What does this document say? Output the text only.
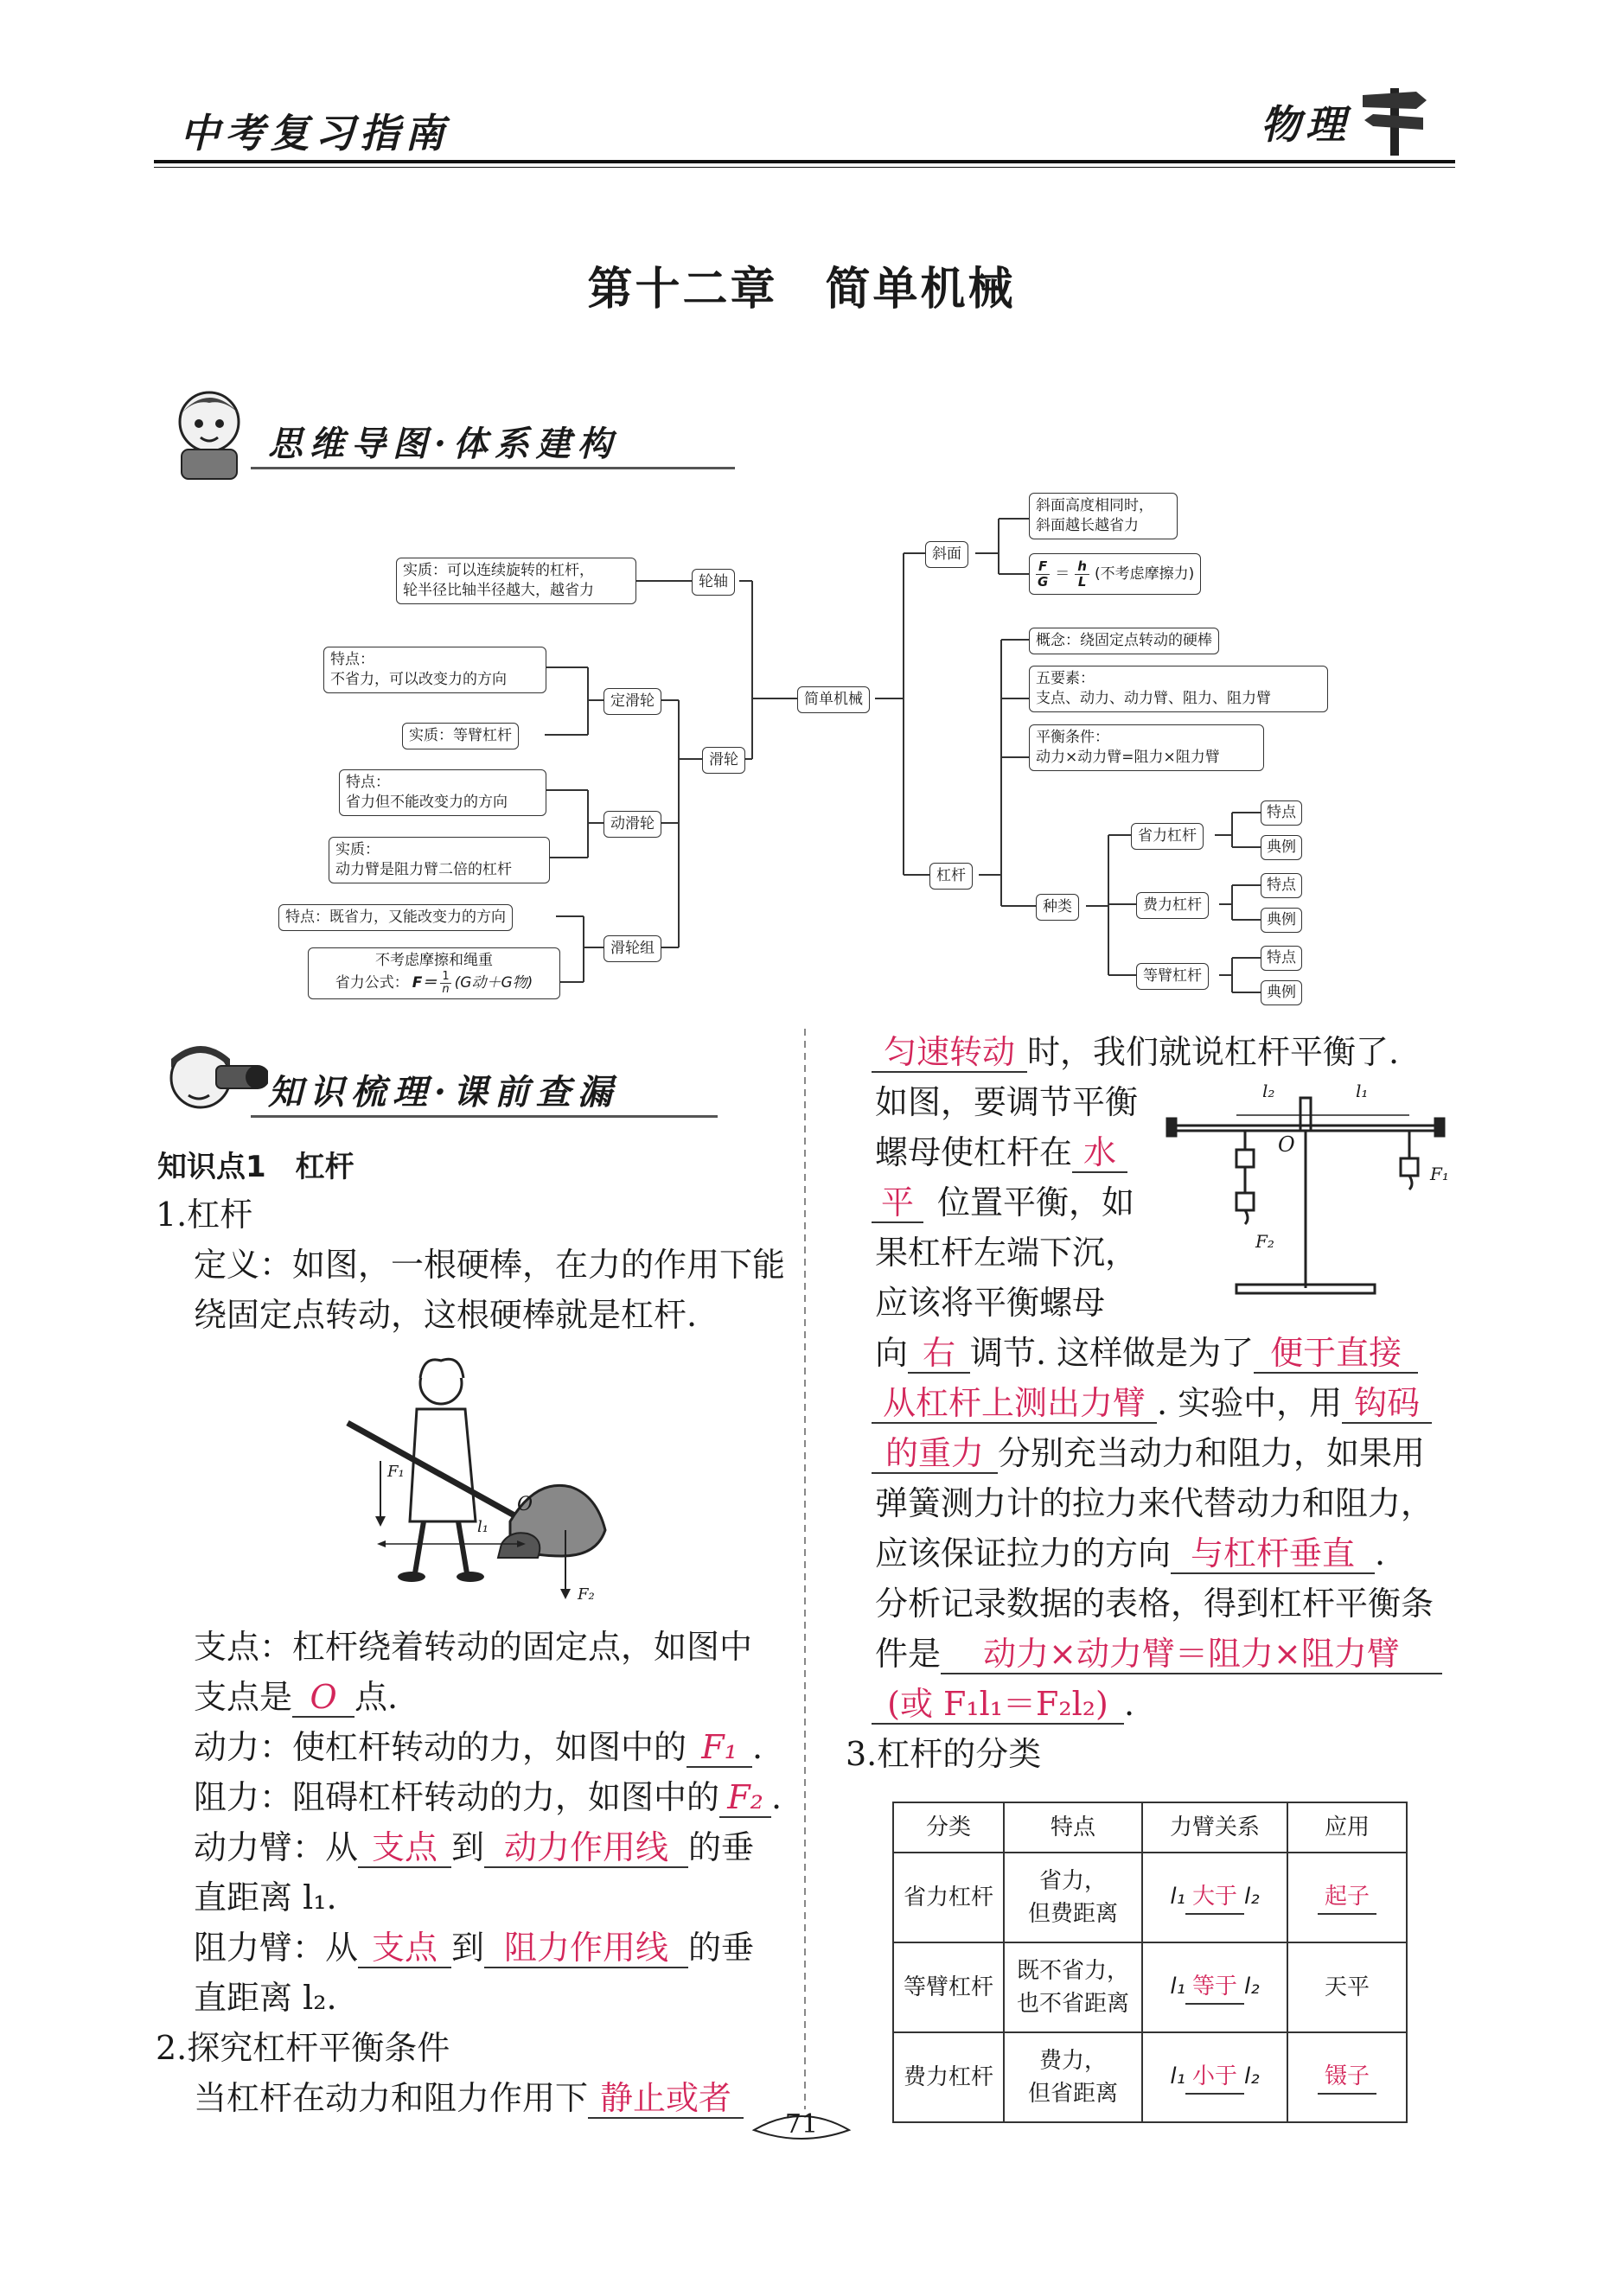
中考复习指南	物理
第十二章　简单机械
思维导图·体系建构
简单机械
轮轴
实质：可以连续旋转的杠杆，
轮半径比轴半径越大，越省力
滑轮
定滑轮
特点：
不省力，可以改变力的方向
实质：等臂杠杆
动滑轮
特点：
省力但不能改变力的方向
实质：
动力臂是阻力臂二倍的杠杆
滑轮组
特点：既省力，又能改变力的方向
不考虑摩擦和绳重
省力公式： $F= \frac{1}{n} (G$动＋G物)
斜面
斜面高度相同时，
斜面越长越省力
F
G ＝ h
L (不考虑摩擦力)
杠杆
概念：绕固定点转动的硬棒
五要素：
支点、动力、动力臂、阻力、阻力臂
平衡条件：
动力×动力臂=阻力×阻力臂
种类
省力杠杆
费力杠杆
等臂杠杆
特点
典例
特点
典例
特点
典例
知识梳理·课前查漏
知识点1　杠杆
1.杠杆
定义：如图，一根硬棒，在力的作用下能
绕固定点转动，这根硬棒就是杠杆.
F₁
O
l₁
F₂
支点：杠杆绕着转动的固定点，如图中
支点是 O 点.
动力：使杠杆转动的力，如图中的 F₁ .
阻力：阻碍杠杆转动的力，如图中的 F₂ .
动力臂：从 支点 到 动力作用线 的垂
直距离 l₁.
阻力臂：从 支点 到 阻力作用线 的垂
直距离 l₂.
2.探究杠杆平衡条件
当杠杆在动力和阻力作用下 静止或者
匀速转动 时，我们就说杠杆平衡了.
如图，要调节平衡
螺母使杠杆在 水
平 位置平衡，如
果杠杆左端下沉，
应该将平衡螺母
l₂	l₁
O
F₁
F₂
向 右 调节. 这样做是为了 便于直接
从杠杆上测出力臂 . 实验中，用 钩码
的重力 分别充当动力和阻力，如果用
弹簧测力计的拉力来代替动力和阻力，
应该保证拉力的方向 与杠杆垂直 .
分析记录数据的表格，得到杠杆平衡条
件是 动力×动力臂＝阻力×阻力臂
(或 F₁l₁＝F₂l₂) .
3.杠杆的分类
分类	特点	力臂关系	应用
省力杠杆	省力，
但费距离	l₁ 大于 l₂	起子
等臂杠杆	既不省力，
也不省距离	l₁ 等于 l₂	天平
费力杠杆	费力，
但省距离	l₁ 小于 l₂	镊子
71
